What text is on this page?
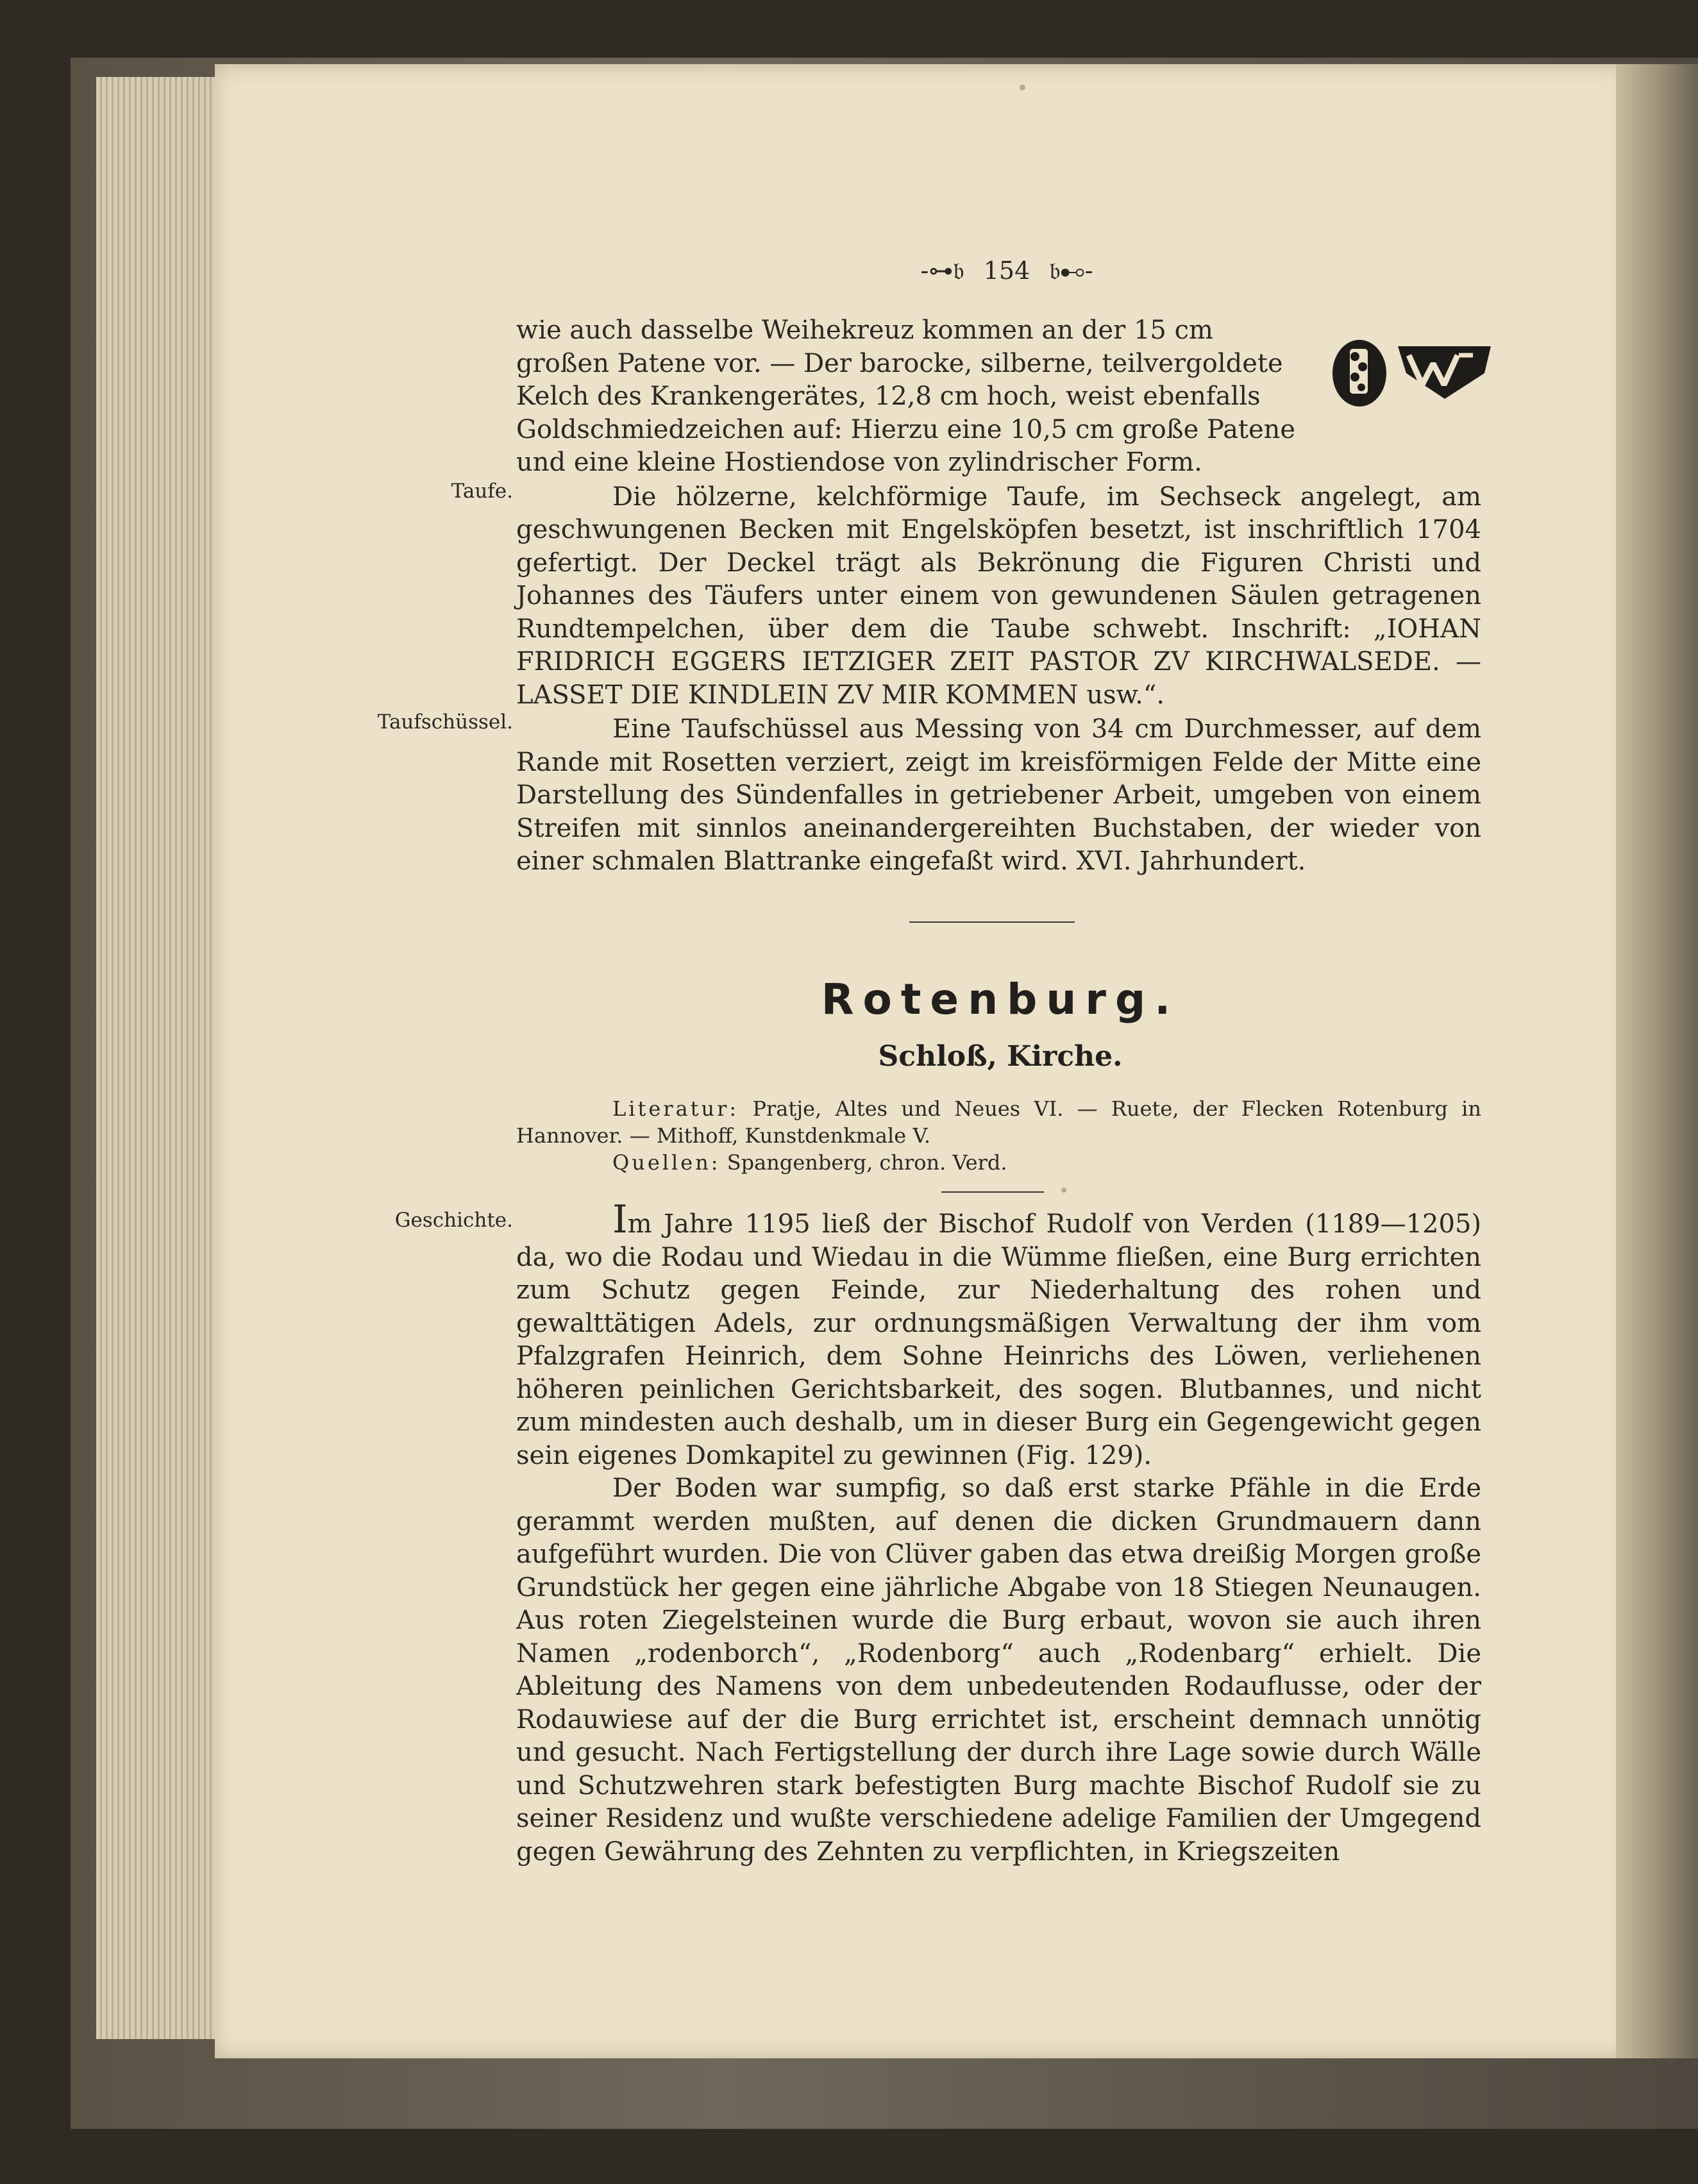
-⊶𝔟 154 𝔟⊷-

wie auch dasselbe Weihekreuz kommen an der 15 cm großen Patene vor. — Der barocke, silberne, teilvergoldete Kelch des Krankengerätes, 12,8 cm hoch, weist ebenfalls Goldschmiedzeichen auf: Hierzu eine 10,5 cm große Patene und eine kleine Hostiendose von zylindrischer Form.

Die hölzerne, kelchförmige Taufe, im Sechseck angelegt, am geschwungenen Becken mit Engelsköpfen besetzt, ist inschriftlich 1704 gefertigt. Der Deckel trägt als Bekrönung die Figuren Christi und Johannes des Täufers unter einem von gewundenen Säulen getragenen Rundtempelchen, über dem die Taube schwebt. Inschrift: „IOHAN FRIDRICH EGGERS IETZIGER ZEIT PASTOR ZV KIRCHWALSEDE. — LASSET DIE KINDLEIN ZV MIR KOMMEN usw.“.

Eine Taufschüssel aus Messing von 34 cm Durchmesser, auf dem Rande mit Rosetten verziert, zeigt im kreisförmigen Felde der Mitte eine Darstellung des Sündenfalles in getriebener Arbeit, umgeben von einem Streifen mit sinnlos aneinandergereihten Buchstaben, der wieder von einer schmalen Blattranke eingefaßt wird. XVI. Jahrhundert.

Taufe.
Taufschüssel.
Geschichte.
Rotenburg.
Schloß, Kirche.

Literatur: Pratje, Altes und Neues VI. — Ruete, der Flecken Rotenburg in Hannover. — Mithoff, Kunstdenkmale V.

Quellen: Spangenberg, chron. Verd.

Im Jahre 1195 ließ der Bischof Rudolf von Verden (1189—1205) da, wo die Rodau und Wiedau in die Wümme fließen, eine Burg errichten zum Schutz gegen Feinde, zur Niederhaltung des rohen und gewalttätigen Adels, zur ordnungsmäßigen Verwaltung der ihm vom Pfalzgrafen Heinrich, dem Sohne Heinrichs des Löwen, verliehenen höheren peinlichen Gerichtsbarkeit, des sogen. Blutbannes, und nicht zum mindesten auch deshalb, um in dieser Burg ein Gegengewicht gegen sein eigenes Domkapitel zu gewinnen (Fig. 129).

Der Boden war sumpfig, so daß erst starke Pfähle in die Erde gerammt werden mußten, auf denen die dicken Grundmauern dann aufgeführt wurden. Die von Clüver gaben das etwa dreißig Morgen große Grundstück her gegen eine jährliche Abgabe von 18 Stiegen Neunaugen. Aus roten Ziegelsteinen wurde die Burg erbaut, wovon sie auch ihren Namen „rodenborch“, „Rodenborg“ auch „Rodenbarg“ erhielt. Die Ableitung des Namens von dem unbedeutenden Rodauflusse, oder der Rodauwiese auf der die Burg errichtet ist, erscheint demnach unnötig und gesucht. Nach Fertigstellung der durch ihre Lage sowie durch Wälle und Schutzwehren stark befestigten Burg machte Bischof Rudolf sie zu seiner Residenz und wußte verschiedene adelige Familien der Umgegend gegen Gewährung des Zehnten zu verpflichten, in Kriegszeiten
